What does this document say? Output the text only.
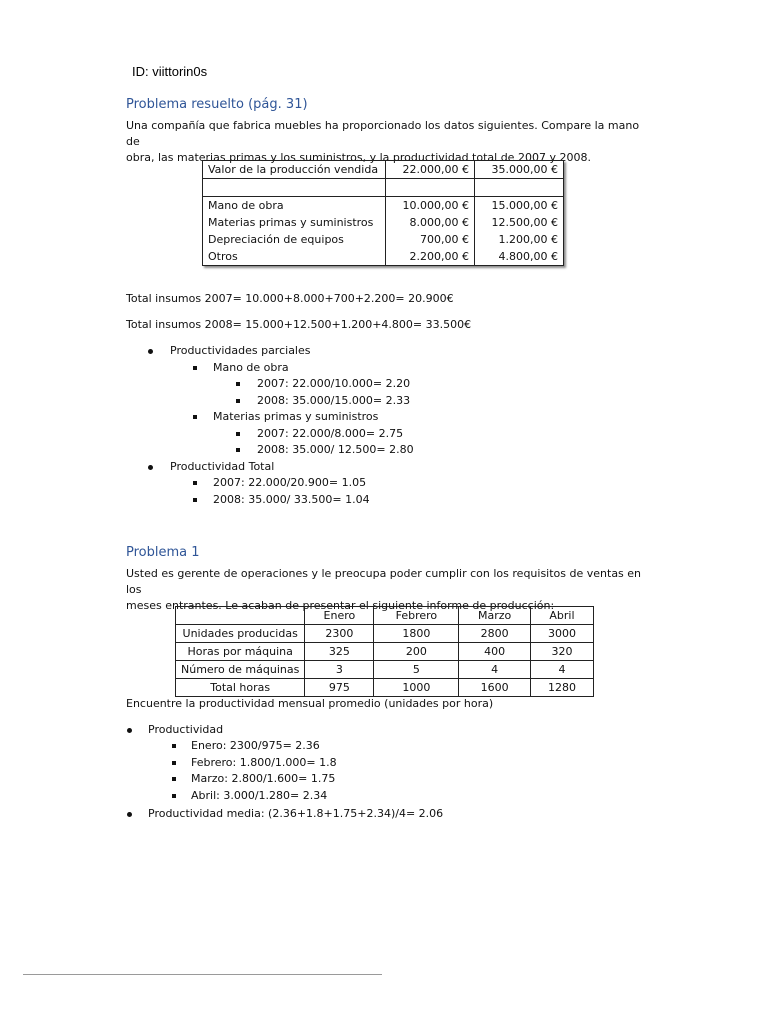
ID: viittorin0s
Problema resuelto (pág. 31)
Una compañía que fabrica muebles ha proporcionado los datos siguientes. Compare la mano de
obra, las materias primas y los suministros, y la productividad total de 2007 y 2008.
Valor de la producción vendida	22.000,00 €	35.000,00 €

Mano de obra	10.000,00 €	15.000,00 €
Materias primas y suministros	8.000,00 €	12.500,00 €
Depreciación de equipos	700,00 €	1.200,00 €
Otros	2.200,00 €	4.800,00 €
Total insumos 2007= 10.000+8.000+700+2.200= 20.900€
Total insumos 2008= 15.000+12.500+1.200+4.800= 33.500€
Productividades parciales
Mano de obra
2007: 22.000/10.000= 2.20
2008: 35.000/15.000= 2.33
Materias primas y suministros
2007: 22.000/8.000= 2.75
2008: 35.000/ 12.500= 2.80
Productividad Total
2007: 22.000/20.900= 1.05
2008: 35.000/ 33.500= 1.04
Problema 1
Usted es gerente de operaciones y le preocupa poder cumplir con los requisitos de ventas en los
meses entrantes. Le acaban de presentar el siguiente informe de producción:
	Enero	Febrero	Marzo	Abril
Unidades producidas	2300	1800	2800	3000
Horas por máquina	325	200	400	320
Número de máquinas	3	5	4	4
Total horas	975	1000	1600	1280
Encuentre la productividad mensual promedio (unidades por hora)
Productividad
Enero: 2300/975= 2.36
Febrero: 1.800/1.000= 1.8
Marzo: 2.800/1.600= 1.75
Abril: 3.000/1.280= 2.34
Productividad media: (2.36+1.8+1.75+2.34)/4= 2.06
